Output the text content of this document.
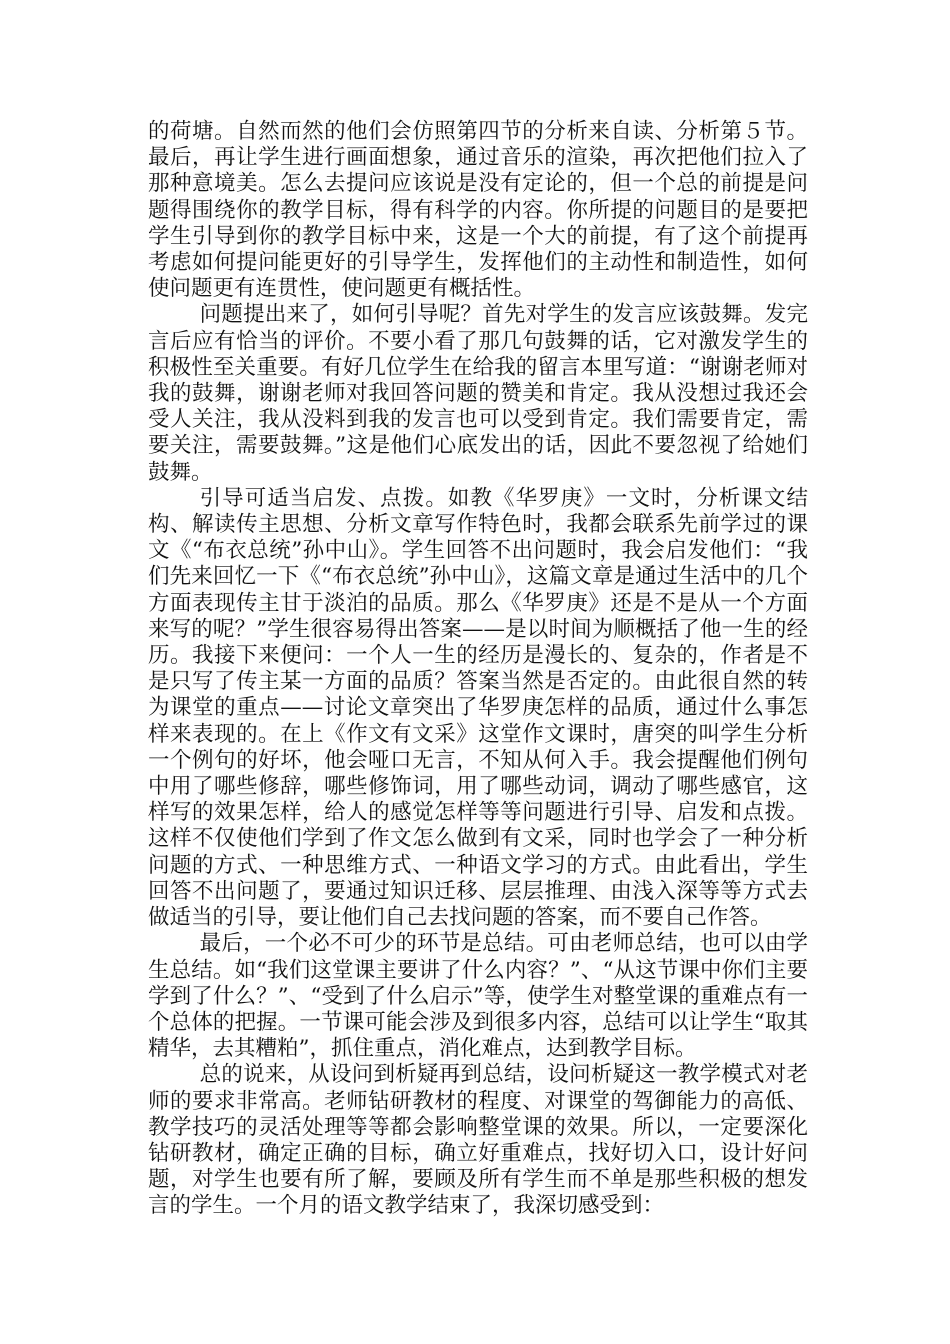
的荷塘。自然而然的他们会仿照第四节的分析来自读、分析第５节。最后，再让学生进行画面想象，通过音乐的渲染，再次把他们拉入了那种意境美。怎么去提问应该说是没有定论的，但一个总的前提是问题得围绕你的教学目标，得有科学的内容。你所提的问题目的是要把学生引导到你的教学目标中来，这是一个大的前提，有了这个前提再考虑如何提问能更好的引导学生，发挥他们的主动性和制造性，如何使问题更有连贯性，使问题更有概括性。

问题提出来了，如何引导呢？首先对学生的发言应该鼓舞。发完言后应有恰当的评价。不要小看了那几句鼓舞的话，它对激发学生的积极性至关重要。有好几位学生在给我的留言本里写道：“谢谢老师对我的鼓舞，谢谢老师对我回答问题的赞美和肯定。我从没想过我还会受人关注，我从没料到我的发言也可以受到肯定。我们需要肯定，需要关注，需要鼓舞。”这是他们心底发出的话，因此不要忽视了给她们鼓舞。

引导可适当启发、点拨。如教《华罗庚》一文时，分析课文结构、解读传主思想、分析文章写作特色时，我都会联系先前学过的课文《“布衣总统”孙中山》。学生回答不出问题时，我会启发他们：“我们先来回忆一下《“布衣总统”孙中山》，这篇文章是通过生活中的几个方面表现传主甘于淡泊的品质。那么《华罗庚》还是不是从一个方面来写的呢？”学生很容易得出答案——是以时间为顺概括了他一生的经历。我接下来便问：一个人一生的经历是漫长的、复杂的，作者是不是只写了传主某一方面的品质？答案当然是否定的。由此很自然的转为课堂的重点——讨论文章突出了华罗庚怎样的品质，通过什么事怎样来表现的。在上《作文有文采》这堂作文课时，唐突的叫学生分析一个例句的好坏，他会哑口无言，不知从何入手。我会提醒他们例句中用了哪些修辞，哪些修饰词，用了哪些动词，调动了哪些感官，这样写的效果怎样，给人的感觉怎样等等问题进行引导、启发和点拨。这样不仅使他们学到了作文怎么做到有文采，同时也学会了一种分析问题的方式、一种思维方式、一种语文学习的方式。由此看出，学生回答不出问题了，要通过知识迁移、层层推理、由浅入深等等方式去做适当的引导，要让他们自己去找问题的答案，而不要自己作答。

最后，一个必不可少的环节是总结。可由老师总结，也可以由学生总结。如“我们这堂课主要讲了什么内容？”、“从这节课中你们主要学到了什么？”、“受到了什么启示”等，使学生对整堂课的重难点有一个总体的把握。一节课可能会涉及到很多内容，总结可以让学生“取其精华，去其糟粕”，抓住重点，消化难点，达到教学目标。

总的说来，从设问到析疑再到总结，设问析疑这一教学模式对老师的要求非常高。老师钻研教材的程度、对课堂的驾御能力的高低、教学技巧的灵活处理等等都会影响整堂课的效果。所以，一定要深化钻研教材，确定正确的目标，确立好重难点，找好切入口，设计好问题，对学生也要有所了解，要顾及所有学生而不单是那些积极的想发言的学生。一个月的语文教学结束了，我深切感受到：
